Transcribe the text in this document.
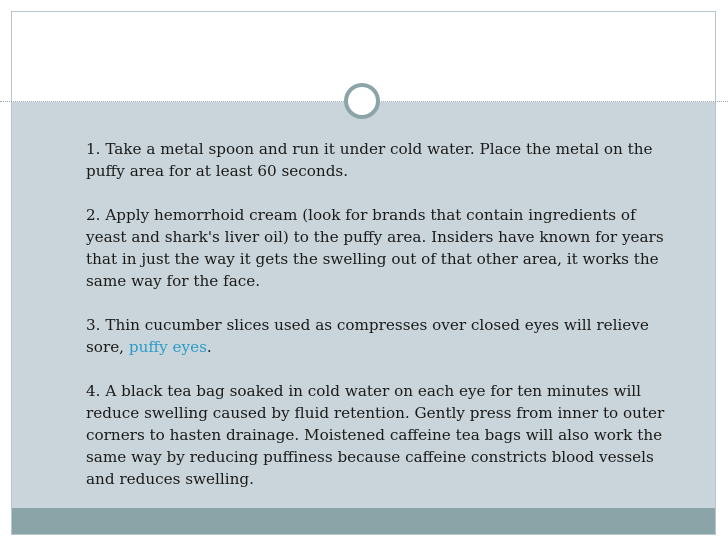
1. Take a metal spoon and run it under cold water. Place the metal on the puffy area for at least 60 seconds.

2. Apply hemorrhoid cream (look for brands that contain ingredients of yeast and shark's liver oil) to the puffy area. Insiders have known for years that in just the way it gets the swelling out of that other area, it works the same way for the face.

3. Thin cucumber slices used as compresses over closed eyes will relieve sore, puffy eyes.

4. A black tea bag soaked in cold water on each eye for ten minutes will reduce swelling caused by fluid retention. Gently press from inner to outer corners to hasten drainage. Moistened caffeine tea bags will also work the same way by reducing puffiness because caffeine constricts blood vessels and reduces swelling.
